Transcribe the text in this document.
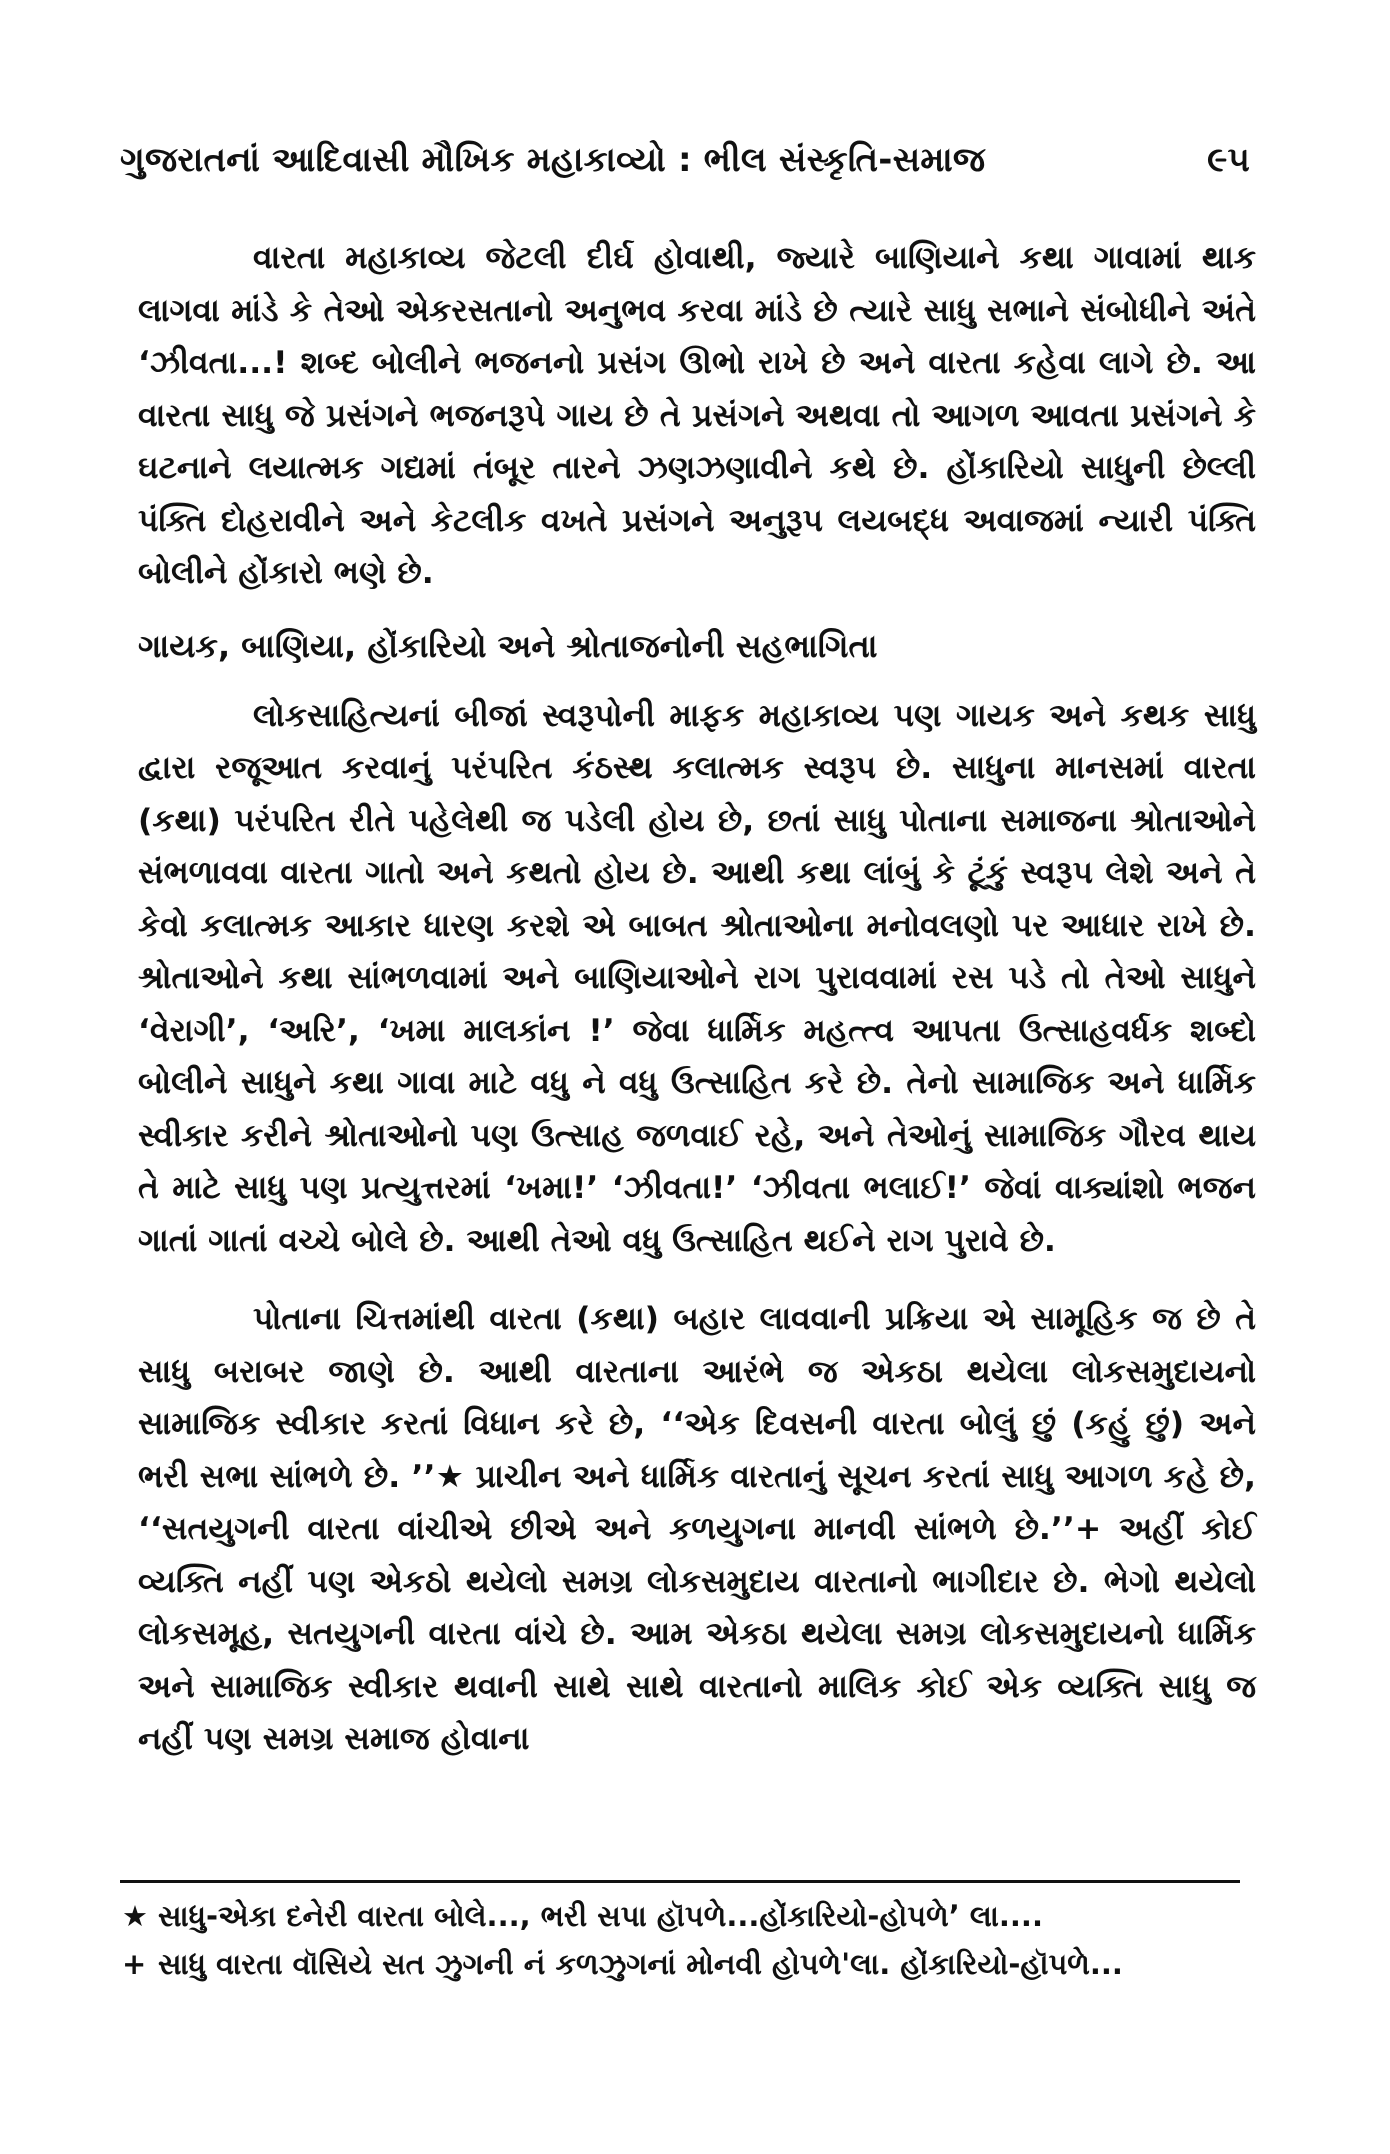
ગુજરાતનાં આદિવાસી મૌખિક મહાકાવ્યો : ભીલ સંસ્કૃતિ-સમાજ	૯૫

વારતા મહાકાવ્ય જેટલી દીર્ઘ હોવાથી, જ્યારે બાણિયાને કથા ગાવામાં થાક લાગવા માંડે કે તેઓ એકરસતાનો અનુભવ કરવા માંડે છે ત્યારે સાધુ સભાને સંબોધીને અંતે ‘ઝીવતા...! શબ્દ બોલીને ભજનનો પ્રસંગ ઊભો રાખે છે અને વારતા કહેવા લાગે છે. આ વારતા સાધુ જે પ્રસંગને ભજનરૂપે ગાય છે તે પ્રસંગને અથવા તો આગળ આવતા પ્રસંગને કે ઘટનાને લયાત્મક ગદ્યમાં તંબૂર તારને ઝણઝણાવીને કથે છે. હોંકારિયો સાધુની છેલ્લી પંક્તિ દોહરાવીને અને કેટલીક વખતે પ્રસંગને અનુરૂપ લયબદ્ધ અવાજમાં ન્યારી પંક્તિ બોલીને હોંકારો ભણે છે.

ગાયક, બાણિયા, હોંકારિયો અને શ્રોતાજનોની સહભાગિતા

લોકસાહિત્યનાં બીજાં સ્વરૂપોની માફક મહાકાવ્ય પણ ગાયક અને કથક સાધુ દ્વારા રજૂઆત કરવાનું પરંપરિત કંઠસ્થ કલાત્મક સ્વરૂપ છે. સાધુના માનસમાં વારતા (કથા) પરંપરિત રીતે પહેલેથી જ પડેલી હોય છે, છતાં સાધુ પોતાના સમાજના શ્રોતાઓને સંભળાવવા વારતા ગાતો અને કથતો હોય છે. આથી કથા લાંબું કે ટૂંકું સ્વરૂપ લેશે અને તે કેવો કલાત્મક આકાર ધારણ કરશે એ બાબત શ્રોતાઓના મનોવલણો પર આધાર રાખે છે. શ્રોતાઓને કથા સાંભળવામાં અને બાણિયાઓને રાગ પુરાવવામાં રસ પડે તો તેઓ સાધુને ‘વેરાગી’, ‘અરિ’, ‘ખમા માલકાંન !’ જેવા ધાર્મિક મહત્ત્વ આપતા ઉત્સાહવર્ધક શબ્દો બોલીને સાધુને કથા ગાવા માટે વધુ ને વધુ ઉત્સાહિત કરે છે. તેનો સામાજિક અને ધાર્મિક સ્વીકાર કરીને શ્રોતાઓનો પણ ઉત્સાહ જળવાઈ રહે, અને તેઓનું સામાજિક ગૌરવ થાય તે માટે સાધુ પણ પ્રત્યુત્તરમાં ‘ખમા!’ ‘ઝીવતા!’ ‘ઝીવતા ભલાઈ!’ જેવાં વાક્યાંશો ભજન ગાતાં ગાતાં વચ્ચે બોલે છે. આથી તેઓ વધુ ઉત્સાહિત થઈને રાગ પુરાવે છે.

પોતાના ચિત્તમાંથી વારતા (કથા) બહાર લાવવાની પ્રક્રિયા એ સામૂહિક જ છે તે સાધુ બરાબર જાણે છે. આથી વારતાના આરંભે જ એકઠા થયેલા લોકસમુદાયનો સામાજિક સ્વીકાર કરતાં વિધાન કરે છે, ‘‘એક દિવસની વારતા બોલું છું (કહું છું) અને ભરી સભા સાંભળે છે. ’’★ પ્રાચીન અને ધાર્મિક વારતાનું સૂચન કરતાં સાધુ આગળ કહે છે, ‘‘સતયુગની વારતા વાંચીએ છીએ અને કળયુગના માનવી સાંભળે છે.’’+ અહીં કોઈ વ્યક્તિ નહીં પણ એકઠો થયેલો સમગ્ર લોકસમુદાય વારતાનો ભાગીદાર છે. ભેગો થયેલો લોકસમૂહ, સતયુગની વારતા વાંચે છે. આમ એકઠા થયેલા સમગ્ર લોકસમુદાયનો ધાર્મિક અને સામાજિક સ્વીકાર થવાની સાથે સાથે વારતાનો માલિક કોઈ એક વ્યક્તિ સાધુ જ નહીં પણ સમગ્ર સમાજ હોવાના

★ સાધુ-એકા દનેરી વારતા બોલે..., ભરી સપા હૉપળે...હોંકારિયો-હોપળે’ લા....

+ સાધુ વારતા વૉસિયે સત ઝુગની નં કળઝુગનાં મોનવી હોપળે'લા. હોંકારિયો-હૉપળે...
